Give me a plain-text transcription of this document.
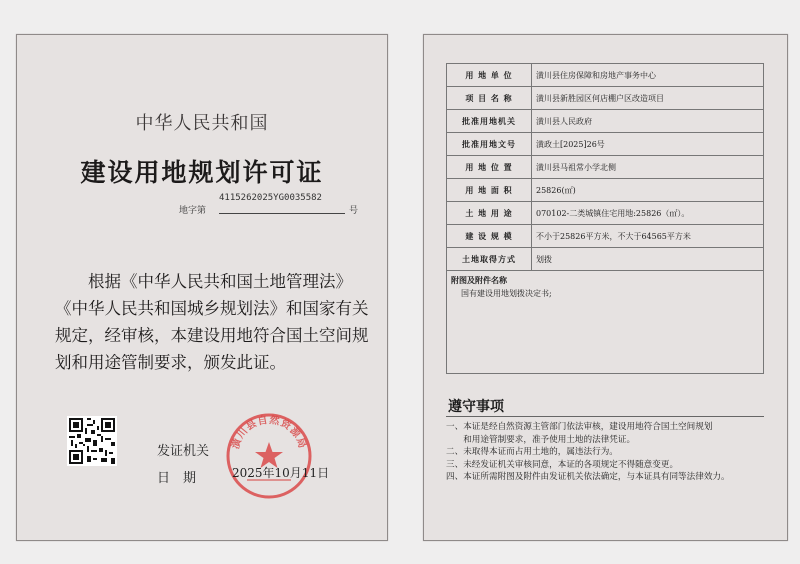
中华人民共和国
建设用地规划许可证
地字第
4115262025YG0035582
号
根据《中华人民共和国土地管理法》《中华人民共和国城乡规划法》和国家有关规定，经审核，本建设用地符合国土空间规划和用途管制要求，颁发此证。
发证机关
日　期
潢川县自然资源局
2025年10月11日
用 地 单 位	潢川县住房保障和房地产事务中心
项 目 名 称	潢川县新胜园区何店棚户区改造项目
批准用地机关	潢川县人民政府
批准用地文号	潢政土[2025]26号
用 地 位 置	潢川县马祖常小学北侧
用 地 面 积	25826(㎡)
土 地 用 途	070102-二类城镇住宅用地:25826（㎡）。
建 设 规 模	不小于25826平方米，不大于64565平方米
土地取得方式	划拨

附图及附件名称
国有建设用地划拨决定书;	
遵守事项
一、本证是经自然资源主管部门依法审核，建设用地符合国土空间规划
　　和用途管制要求，准予使用土地的法律凭证。
二、未取得本证而占用土地的，属违法行为。
三、未经发证机关审核同意，本证的各项规定不得随意变更。
四、本证所需附图及附件由发证机关依法确定，与本证具有同等法律效力。
